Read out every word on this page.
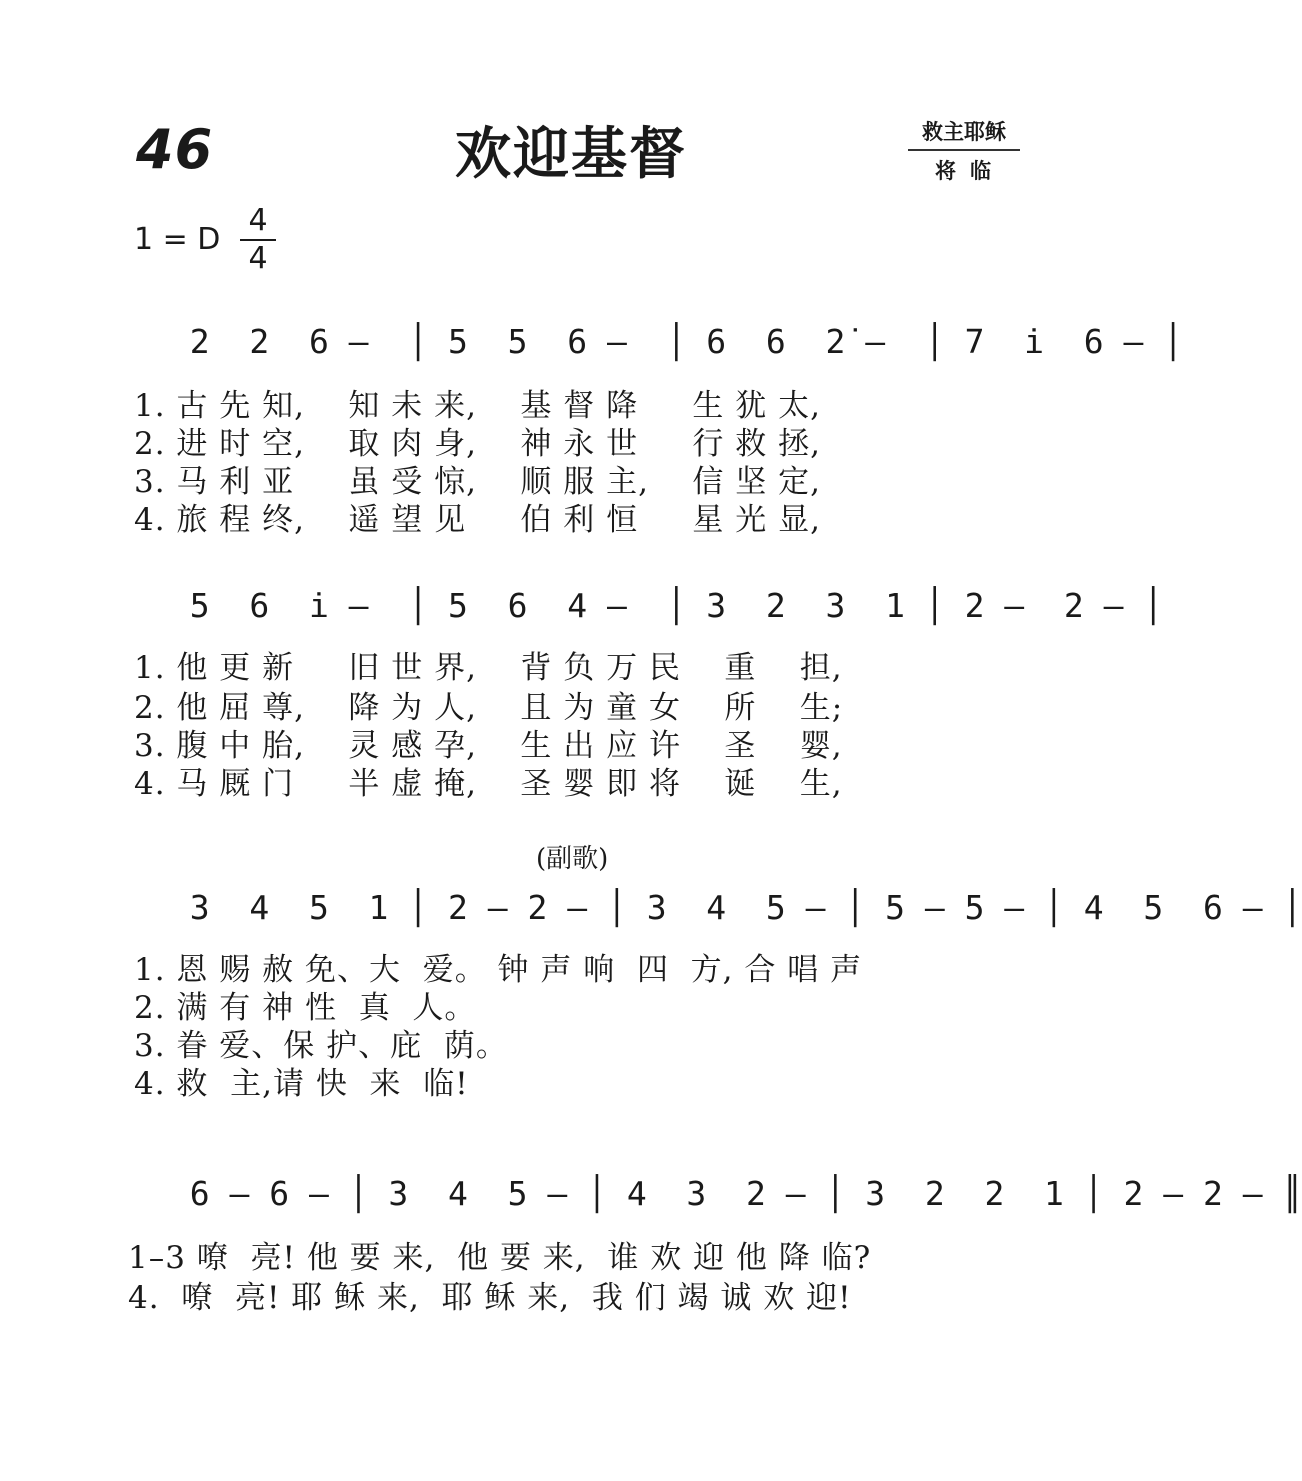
46	欢迎基督	救主耶稣
将临
1 = D
4
4
2  2  6 –  │ 5  5  6 –  │ 6  6  2̇ –  │ 7  i̇  6 – │
1. 古 先 知,    知 未 来,    基 督 降     生 犹 太,
2. 进 时 空,    取 肉 身,    神 永 世     行 救 拯,
3. 马 利 亚     虽 受 惊,    顺 服 主,    信 坚 定,
4. 旅 程 终,    遥 望 见     伯 利 恒     星 光 显,
5  6  i̇ –  │ 5  6  4 –  │ 3  2  3  1 │ 2 –  2 – │
1. 他 更 新     旧 世 界,    背 负 万 民    重    担,
2. 他 屈 尊,    降 为 人,    且 为 童 女    所    生;
3. 腹 中 胎,    灵 感 孕,    生 出 应 许    圣    婴,
4. 马 厩 门     半 虚 掩,    圣 婴 即 将    诞    生,
(副歌)
3  4  5  1 │ 2 – 2 – │ 3  4  5 – │ 5 – 5 – │ 4  5  6 – │
1. 恩 赐 赦 免、大  爱。 钟 声 响  四  方, 合 唱 声
2. 满 有 神 性  真  人。
3. 眷 爱、保 护、庇  荫。
4. 救  主,请 快  来  临!
6 – 6 – │ 3  4  5 – │ 4  3  2 – │ 3  2  2  1 │ 2 – 2 – ║
1–3 嘹  亮! 他 要 来,  他 要 来,  谁 欢 迎 他 降 临?
4.  嘹  亮! 耶 稣 来,  耶 稣 来,  我 们 竭 诚 欢 迎!
